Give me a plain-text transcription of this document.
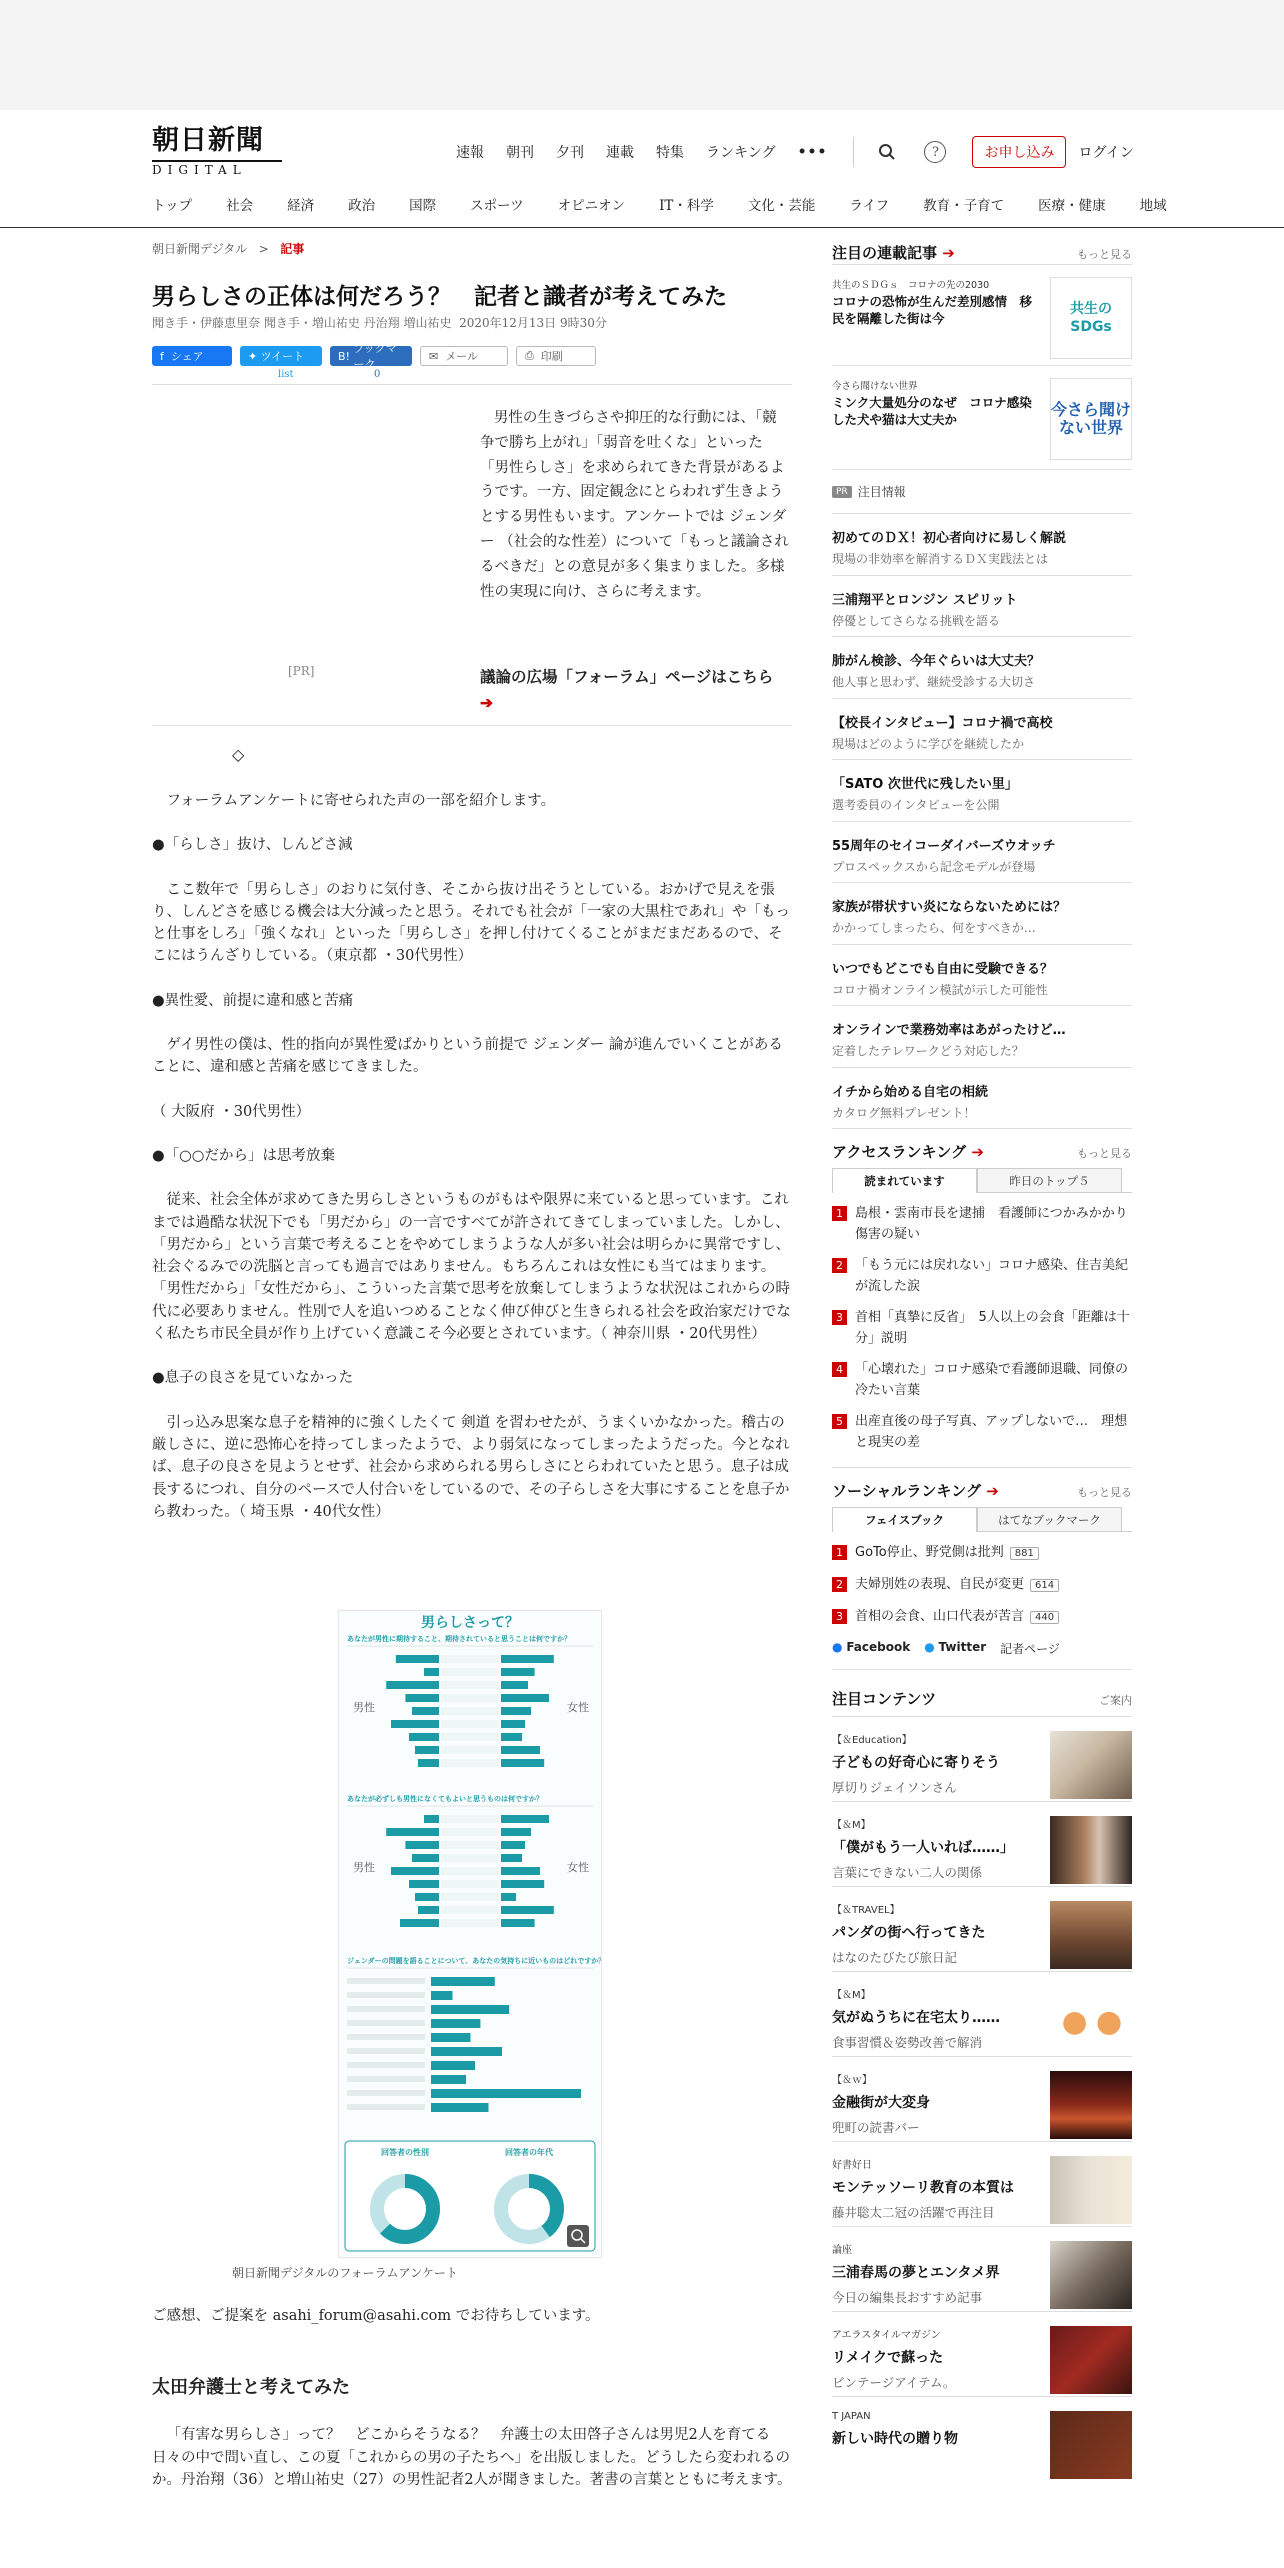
朝日新聞
DIGITAL
速報 朝刊 夕刊 連載 特集 ランキング •••	?	お申し込み	ログイン
トップ	社会	経済	政治	国際	スポーツ	オピニオン	IT・科学	文化・芸能	ライフ	教育・子育て	医療・健康	地域
朝日新聞デジタル > 記事
男らしさの正体は何だろう？　記者と識者が考えてみた
聞き手・伊藤恵里奈 聞き手・増山祐史 丹治翔 増山祐史 2020年12月13日 9時30分
f シェア	✦ ツイート	B!
ブックマーク
✉ メール	⎙ 印刷
list	0
[PR]

男性の生きづらさや抑圧的な行動には、「競争で勝ち上がれ」「弱音を吐くな」といった「男性らしさ」を求められてきた背景があるようです。一方、固定観念にとらわれず生きようとする男性もいます。アンケートでは ジェンダー （社会的な性差）について「もっと議論されるべきだ」との意見が多く集まりました。多様性の実現に向け、さらに考えます。

議論の広場「フォーラム」ページはこちら ➔
◇

フォーラムアンケートに寄せられた声の一部を紹介します。

●「らしさ」抜け、しんどさ減

ここ数年で「男らしさ」のおりに気付き、そこから抜け出そうとしている。おかげで見えを張り、しんどさを感じる機会は大分減ったと思う。それでも社会が「一家の大黒柱であれ」や「もっと仕事をしろ」「強くなれ」といった「男らしさ」を押し付けてくることがまだまだあるので、そこにはうんざりしている。（東京都 ・30代男性）

●異性愛、前提に違和感と苦痛

ゲイ男性の僕は、性的指向が異性愛ばかりという前提で ジェンダー 論が進んでいくことがあることに、違和感と苦痛を感じてきました。

（ 大阪府 ・30代男性）

●「○○だから」は思考放棄

従来、社会全体が求めてきた男らしさというものがもはや限界に来ていると思っています。これまでは過酷な状況下でも「男だから」の一言ですべてが許されてきてしまっていました。しかし、「男だから」という言葉で考えることをやめてしまうような人が多い社会は明らかに異常ですし、社会ぐるみでの洗脳と言っても過言ではありません。もちろんこれは女性にも当てはまります。「男性だから」「女性だから」、こういった言葉で思考を放棄してしまうような状況はこれからの時代に必要ありません。性別で人を追いつめることなく伸び伸びと生きられる社会を政治家だけでなく私たち市民全員が作り上げていく意識こそ今必要とされています。（ 神奈川県 ・20代男性）

●息子の良さを見ていなかった

引っ込み思案な息子を精神的に強くしたくて 剣道 を習わせたが、うまくいかなかった。稽古の厳しさに、逆に恐怖心を持ってしまったようで、より弱気になってしまったようだった。今となれば、息子の良さを見ようとせず、社会から求められる男らしさにとらわれていたと思う。息子は成長するにつれ、自分のペースで人付合いをしているので、その子らしさを大事にすることを息子から教わった。（ 埼玉県 ・40代女性）

男らしさって？
あなたが男性に期待すること、期待されていると思うことは何ですか？
男性	女性
あなたが必ずしも男性になくてもよいと思うものは何ですか？
男性	女性
ジェンダーの問題を語ることについて、あなたの気持ちに近いものはどれですか？
回答者の性別	回答者の年代
朝日新聞デジタルのフォーラムアンケート
ご感想、ご提案を asahi_forum@asahi.com でお待ちしています。
太田弁護士と考えてみた

「有害な男らしさ」って？　どこからそうなる？　弁護士の太田啓子さんは男児2人を育てる日々の中で問い直し、この夏「これからの男の子たちへ」を出版しました。どうしたら変われるのか。丹治翔（36）と増山祐史（27）の男性記者2人が聞きました。著書の言葉とともに考えます。

注目の連載記事 ➔	もっと見る
共生のＳＤＧｓ　コロナの先の2030
コロナの恐怖が生んだ差別感情　移民を隔離した街は今
共生のSDGs
今さら聞けない世界
ミンク大量処分のなぜ　コロナ感染した犬や猫は大丈夫か
今さら聞けない世界
PR 注目情報
初めてのＤＸ！初心者向けに易しく解説
現場の非効率を解消するＤＸ実践法とは
三浦翔平とロンジン スピリット
停優としてさらなる挑戦を語る
肺がん検診、今年ぐらいは大丈夫？
他人事と思わず、継続受診する大切さ
【校長インタビュー】コロナ禍で高校
現場はどのように学びを継続したか
「SATO 次世代に残したい里」
選考委員のインタビューを公開
55周年のセイコーダイバーズウオッチ
プロスペックスから記念モデルが登場
家族が帯状すい炎にならないためには？
かかってしまったら、何をすべきか…
いつでもどこでも自由に受験できる？
コロナ禍オンライン模試が示した可能性
オンラインで業務効率はあがったけど…
定着したテレワークどう対応した？
イチから始める自宅の相続
カタログ無料プレゼント！
アクセスランキング ➔	もっと見る
読まれています	昨日のトップ５
1 島根・雲南市長を逮捕　看護師につかみかかり傷害の疑い
2 「もう元には戻れない」コロナ感染、住吉美紀が流した涙
3 首相「真摯に反省」　5人以上の会食「距離は十分」説明
4 「心壊れた」コロナ感染で看護師退職、同僚の冷たい言葉
5 出産直後の母子写真、アップしないで…　理想と現実の差
ソーシャルランキング ➔	もっと見る
フェイスブック	はてなブックマーク
1 GoTo停止、野党側は批判 881
2 夫婦別姓の表現、自民が変更 614
3 首相の会食、山口代表が苦言 440
● Facebook ● Twitter 記者ページ
注目コンテンツ	ご案内
【＆Education】
子どもの好奇心に寄りそう
厚切りジェイソンさん
【＆M】
「僕がもう一人いれば……」
言葉にできない二人の関係
【＆TRAVEL】
パンダの街へ行ってきた
はなのたびたび旅日記
【＆M】
気がぬうちに在宅太り……
食事習慣＆姿勢改善で解消
【＆ｗ】
金融街が大変身
兜町の読書バー
好書好日
モンテッソーリ教育の本質は
藤井聡太二冠の活躍で再注目
論座
三浦春馬の夢とエンタメ界
今日の編集長おすすめ記事
アエラスタイルマガジン
リメイクで蘇った
ビンテージアイテム。
T JAPAN
新しい時代の贈り物
